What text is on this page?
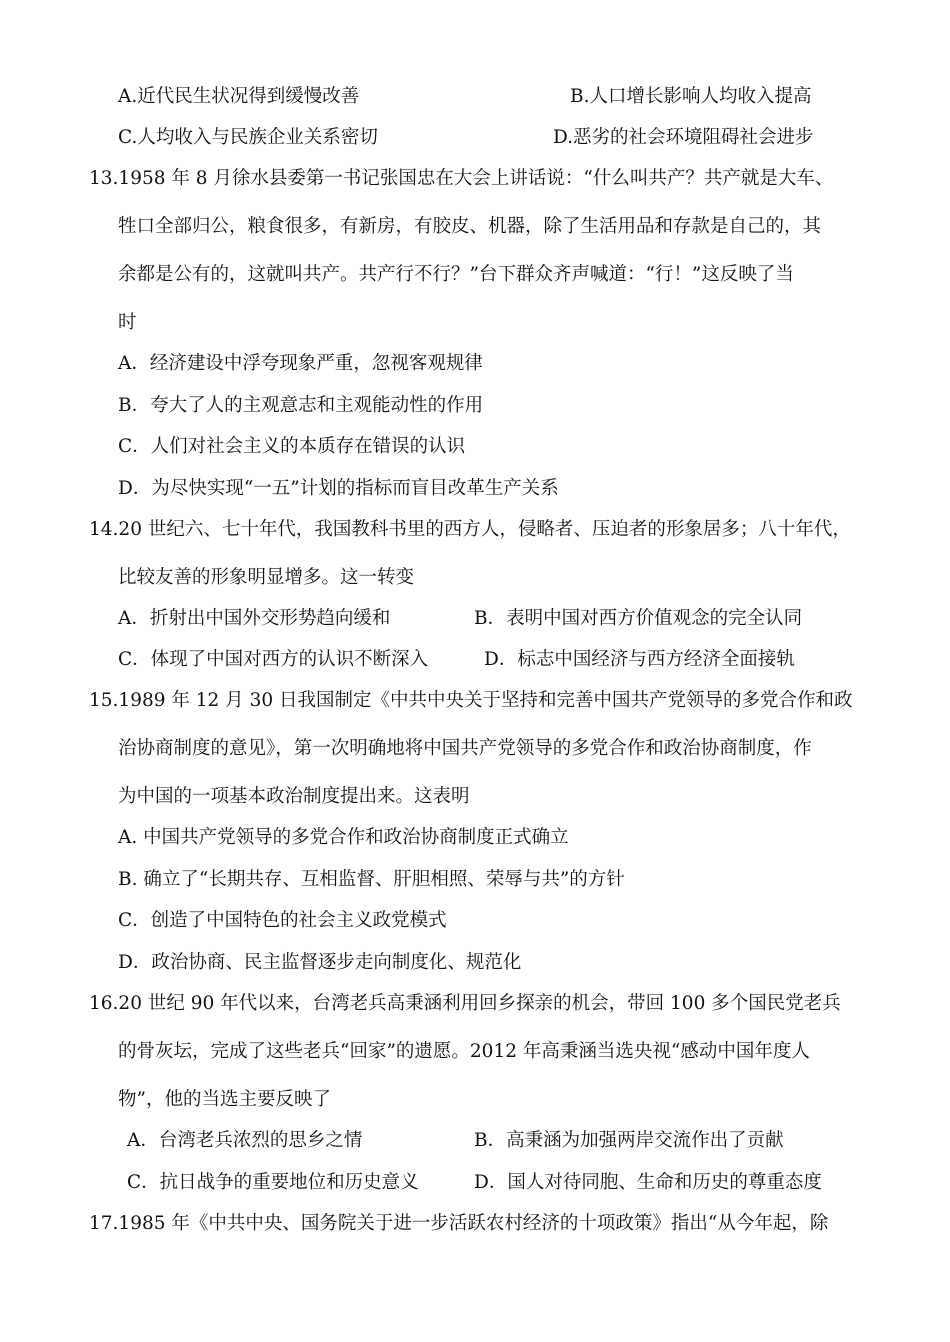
A.近代民生状况得到缓慢改善	B.人口增长影响人均收入提高
C.人均收入与民族企业关系密切	D.恶劣的社会环境阻碍社会进步
13.1958 年 8 月徐水县委第一书记张国忠在大会上讲话说：“什么叫共产？共产就是大车、
牲口全部归公，粮食很多，有新房，有胶皮、机器，除了生活用品和存款是自己的，其
余都是公有的，这就叫共产。共产行不行？”台下群众齐声喊道：“行！”这反映了当
时
A．经济建设中浮夸现象严重，忽视客观规律
B．夸大了人的主观意志和主观能动性的作用
C．人们对社会主义的本质存在错误的认识
D．为尽快实现“一五”计划的指标而盲目改革生产关系
14.20 世纪六、七十年代，我国教科书里的西方人，侵略者、压迫者的形象居多；八十年代，
比较友善的形象明显增多。这一转变
A．折射出中国外交形势趋向缓和	B．表明中国对西方价值观念的完全认同
C．体现了中国对西方的认识不断深入	D．标志中国经济与西方经济全面接轨
15.1989 年 12 月 30 日我国制定《中共中央关于坚持和完善中国共产党领导的多党合作和政
治协商制度的意见》，第一次明确地将中国共产党领导的多党合作和政治协商制度，作
为中国的一项基本政治制度提出来。这表明
A. 中国共产党领导的多党合作和政治协商制度正式确立
B. 确立了“长期共存、互相监督、肝胆相照、荣辱与共”的方针
C．创造了中国特色的社会主义政党模式
D．政治协商、民主监督逐步走向制度化、规范化
16.20 世纪 90 年代以来，台湾老兵高秉涵利用回乡探亲的机会，带回 100 多个国民党老兵
的骨灰坛，完成了这些老兵“回家”的遗愿。2012 年高秉涵当选央视“感动中国年度人
物”，他的当选主要反映了
A．台湾老兵浓烈的思乡之情	B．高秉涵为加强两岸交流作出了贡献
C．抗日战争的重要地位和历史意义	D．国人对待同胞、生命和历史的尊重态度
17.1985 年《中共中央、国务院关于进一步活跃农村经济的十项政策》指出“从今年起，除
